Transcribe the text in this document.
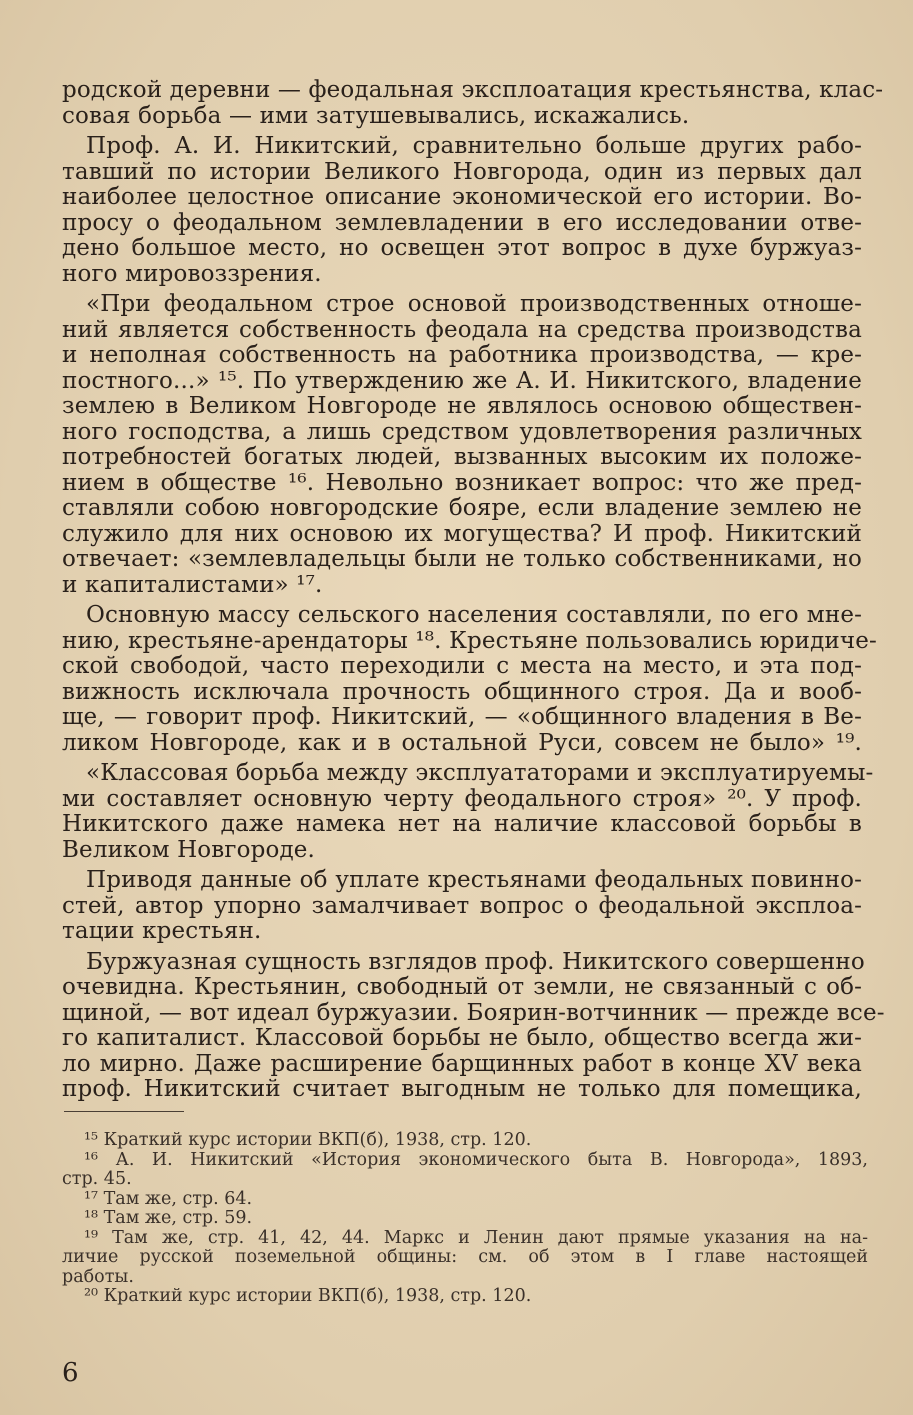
родской деревни — феодальная эксплоатация крестьянства, клас-
совая борьба — ими затушевывались, искажались.
Проф. А. И. Никитский, сравнительно больше других рабо-
тавший по истории Великого Новгорода, один из первых дал
наиболее целостное описание экономической его истории. Во-
просу о феодальном землевладении в его исследовании отве-
дено большое место, но освещен этот вопрос в духе буржуаз-
ного мировоззрения.
«При феодальном строе основой производственных отноше-
ний является собственность феодала на средства производства
и неполная собственность на работника производства, — кре-
постного...» ¹⁵. По утверждению же А. И. Никитского, владение
землею в Великом Новгороде не являлось основою обществен-
ного господства, а лишь средством удовлетворения различных
потребностей богатых людей, вызванных высоким их положе-
нием в обществе ¹⁶. Невольно возникает вопрос: что же пред-
ставляли собою новгородские бояре, если владение землею не
служило для них основою их могущества? И проф. Никитский
отвечает: «землевладельцы были не только собственниками, но
и капиталистами» ¹⁷.
Основную массу сельского населения составляли, по его мне-
нию, крестьяне-арендаторы ¹⁸. Крестьяне пользовались юридиче-
ской свободой, часто переходили с места на место, и эта под-
вижность исключала прочность общинного строя. Да и вооб-
ще, — говорит проф. Никитский, — «общинного владения в Ве-
ликом Новгороде, как и в остальной Руси, совсем не было» ¹⁹.
«Классовая борьба между эксплуататорами и эксплуатируемы-
ми составляет основную черту феодального строя» ²⁰. У проф.
Никитского даже намека нет на наличие классовой борьбы в
Великом Новгороде.
Приводя данные об уплате крестьянами феодальных повинно-
стей, автор упорно замалчивает вопрос о феодальной эксплоа-
тации крестьян.
Буржуазная сущность взглядов проф. Никитского совершенно
очевидна. Крестьянин, свободный от земли, не связанный с об-
щиной, — вот идеал буржуазии. Боярин-вотчинник — прежде все-
го капиталист. Классовой борьбы не было, общество всегда жи-
ло мирно. Даже расширение барщинных работ в конце XV века
проф. Никитский считает выгодным не только для помещика,
¹⁵ Краткий курс истории ВКП(б), 1938, стр. 120.
¹⁶ А. И. Никитский «История экономического быта В. Новгорода», 1893,
стр. 45.
¹⁷ Там же, стр. 64.
¹⁸ Там же, стр. 59.
¹⁹ Там же, стр. 41, 42, 44. Маркс и Ленин дают прямые указания на на-
личие русской поземельной общины: см. об этом в I главе настоящей
работы.
²⁰ Краткий курс истории ВКП(б), 1938, стр. 120.
6
